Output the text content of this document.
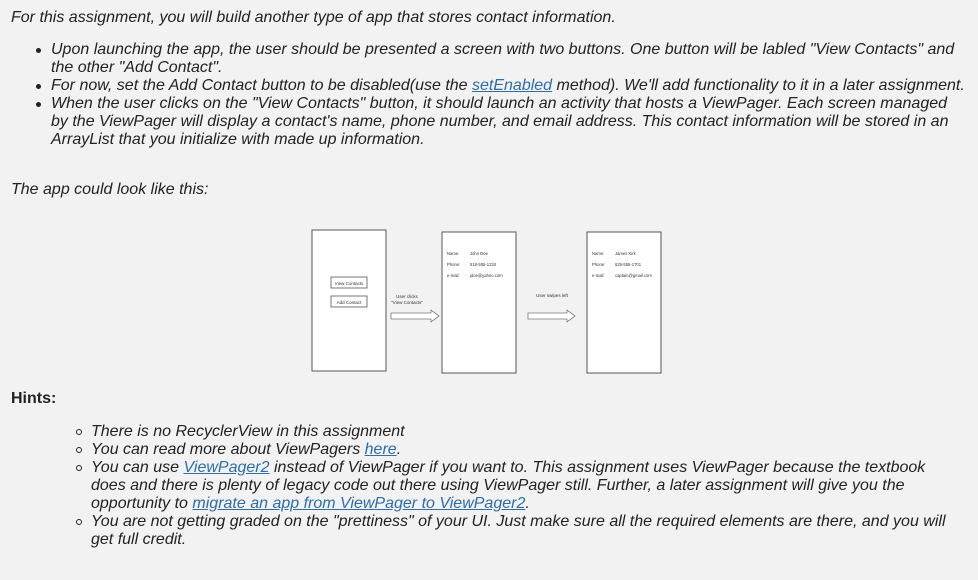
For this assignment, you will build another type of app that stores contact information.

Upon launching the app, the user should be presented a screen with two buttons. One button will be labled "View Contacts" and the other "Add Contact".
For now, set the Add Contact button to be disabled(use the setEnabled method). We'll add functionality to it in a later assignment.
When the user clicks on the "View Contacts" button, it should launch an activity that hosts a ViewPager. Each screen managed by the ViewPager will display a contact's name, phone number, and email address. This contact information will be stored in an ArrayList that you initialize with made up information.

The app could look like this:

View Contacts
Add Contact
User clicks
"View Contacts"
Name:	John Doe
Phone: 518-555-1234
e-mail: jdoe@yahoo.com
User swipes left
Name:	James Kirk
Phone: 625-555-1701
e-mail: captain@gmail.com

Hints:

There is no RecyclerView in this assignment
You can read more about ViewPagers here.
You can use ViewPager2 instead of ViewPager if you want to. This assignment uses ViewPager because the textbook does and there is plenty of legacy code out there using ViewPager still. Further, a later assignment will give you the opportunity to migrate an app from ViewPager to ViewPager2.
You are not getting graded on the "prettiness" of your UI. Just make sure all the required elements are there, and you will get full credit.
